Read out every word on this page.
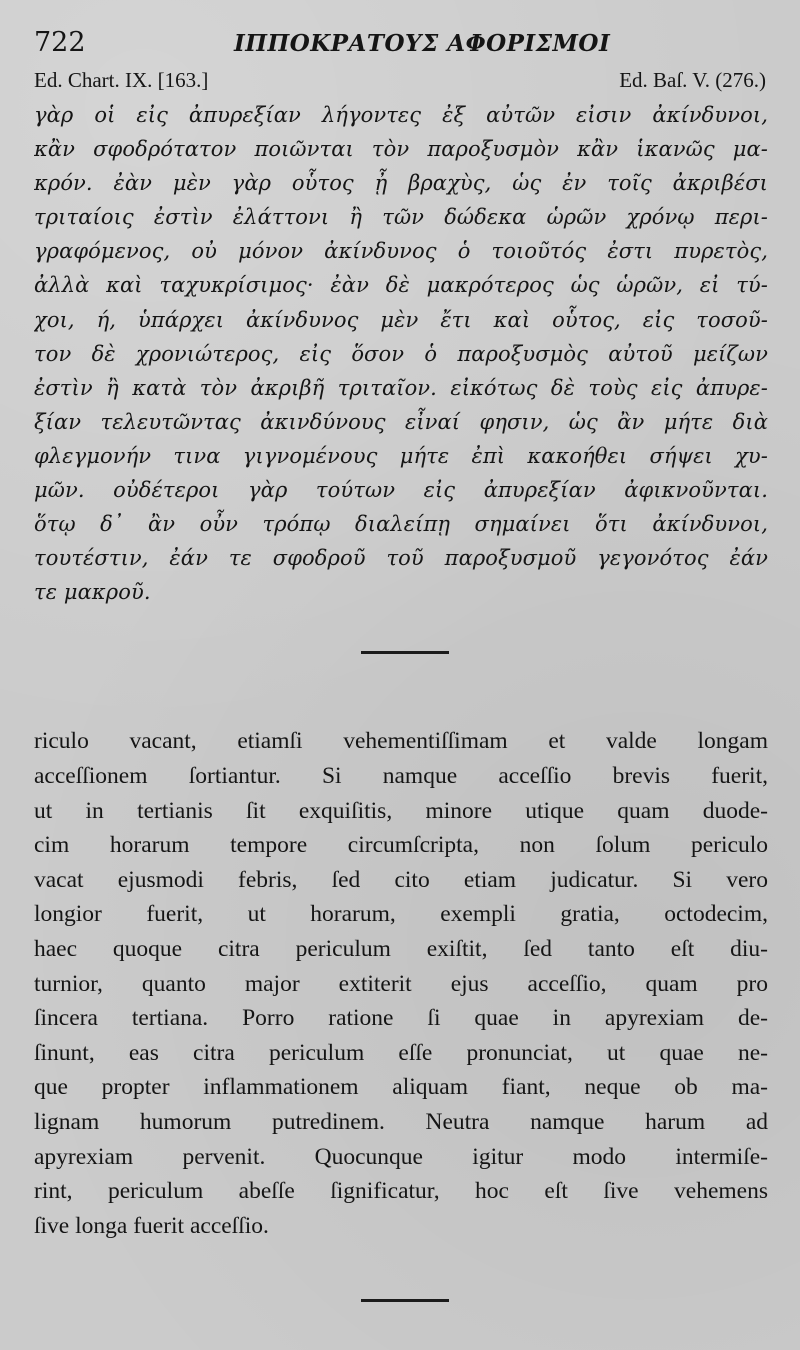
722	ΙΠΠΟΚΡΑΤΟΥΣ ΑΦΟΡΙΣΜΟΙ
Ed. Chart. IX. [163.]	Ed. Baſ. V. (276.)
γὰρ οἱ εἰς ἀπυρεξίαν λήγοντες ἐξ αὐτῶν εἰσιν ἀκίνδυνοι,
κἂν σφοδρότατον ποιῶνται τὸν παροξυσμὸν κἂν ἱκανῶς μα-
κρόν. ἐὰν μὲν γὰρ οὗτος ᾖ βραχὺς, ὡς ἐν τοῖς ἀκριβέσι
τριταίοις ἐστὶν ἐλάττονι ἢ τῶν δώδεκα ὡρῶν χρόνῳ περι-
γραφόμενος, οὐ μόνον ἀκίνδυνος ὁ τοιοῦτός ἐστι πυρετὸς,
ἀλλὰ καὶ ταχυκρίσιμος· ἐὰν δὲ μακρότερος ὡς ὡρῶν, εἰ τύ-
χοι, ή, ὑπάρχει ἀκίνδυνος μὲν ἔτι καὶ οὗτος, εἰς τοσοῦ-
τον δὲ χρονιώτερος, εἰς ὅσον ὁ παροξυσμὸς αὐτοῦ μείζων
ἐστὶν ἢ κατὰ τὸν ἀκριβῆ τριταῖον. εἰκότως δὲ τοὺς εἰς ἀπυρε-
ξίαν τελευτῶντας ἀκινδύνους εἶναί φησιν, ὡς ἂν μήτε διὰ
φλεγμονήν τινα γιγνομένους μήτε ἐπὶ κακοήθει σήψει χυ-
μῶν. οὐδέτεροι γὰρ τούτων εἰς ἀπυρεξίαν ἀφικνοῦνται.
ὅτῳ δ᾽ ἂν οὖν τρόπῳ διαλείπῃ σημαίνει ὅτι ἀκίνδυνοι,
τουτέστιν, ἐάν τε σφοδροῦ τοῦ παροξυσμοῦ γεγονότος ἐάν
τε μακροῦ.
riculo vacant, etiamſi vehementiſſimam et valde longam
acceſſionem ſortiantur. Si namque acceſſio brevis fuerit,
ut in tertianis ſit exquiſitis, minore utique quam duode-
cim horarum tempore circumſcripta, non ſolum periculo
vacat ejusmodi febris, ſed cito etiam judicatur. Si vero
longior fuerit, ut horarum, exempli gratia, octodecim,
haec quoque citra periculum exiſtit, ſed tanto eſt diu-
turnior, quanto major extiterit ejus acceſſio, quam pro
ſincera tertiana. Porro ratione ſi quae in apyrexiam de-
ſinunt, eas citra periculum eſſe pronunciat, ut quae ne-
que propter inflammationem aliquam fiant, neque ob ma-
lignam humorum putredinem. Neutra namque harum ad
apyrexiam pervenit. Quocunque igitur modo intermiſe-
rint, periculum abeſſe ſignificatur, hoc eſt ſive vehemens
ſive longa fuerit acceſſio.
